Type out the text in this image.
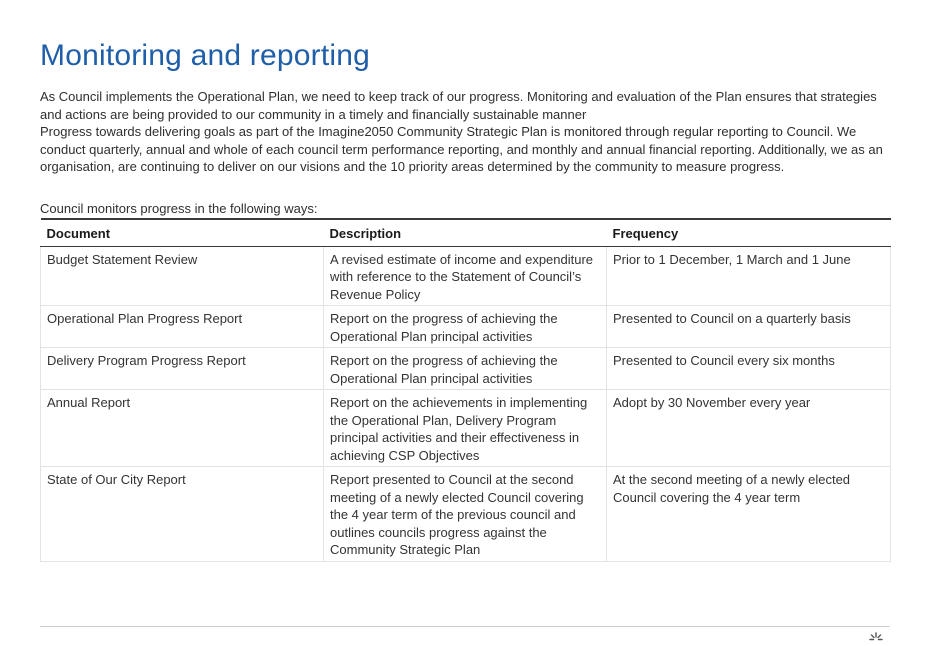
Monitoring and reporting

As Council implements the Operational Plan, we need to keep track of our progress. Monitoring and evaluation of the Plan ensures that strategies and actions are being provided to our community in a timely and financially sustainable manner

Progress towards delivering goals as part of the Imagine2050 Community Strategic Plan is monitored through regular reporting to Council. We conduct quarterly, annual and whole of each council term performance reporting, and monthly and annual financial reporting. Additionally, we as an organisation, are continuing to deliver on our visions and the 10 priority areas determined by the community to measure progress.

Council monitors progress in the following ways:
Document	Description	Frequency
Budget Statement Review	A revised estimate of income and expenditure with reference to the Statement of Council’s Revenue Policy	Prior to 1 December, 1 March and 1 June
Operational Plan Progress Report	Report on the progress of achieving the Operational Plan principal activities	Presented to Council on a quarterly basis
Delivery Program Progress Report	Report on the progress of achieving the Operational Plan principal activities	Presented to Council every six months
Annual Report	Report on the achievements in implementing the Operational Plan, Delivery Program principal activities and their effectiveness in achieving CSP Objectives	Adopt by 30 November every year
State of Our City Report	Report presented to Council at the second meeting of a newly elected Council covering the 4 year term of the previous council and outlines councils progress against the Community Strategic Plan	At the second meeting of a newly elected Council covering the 4 year term
